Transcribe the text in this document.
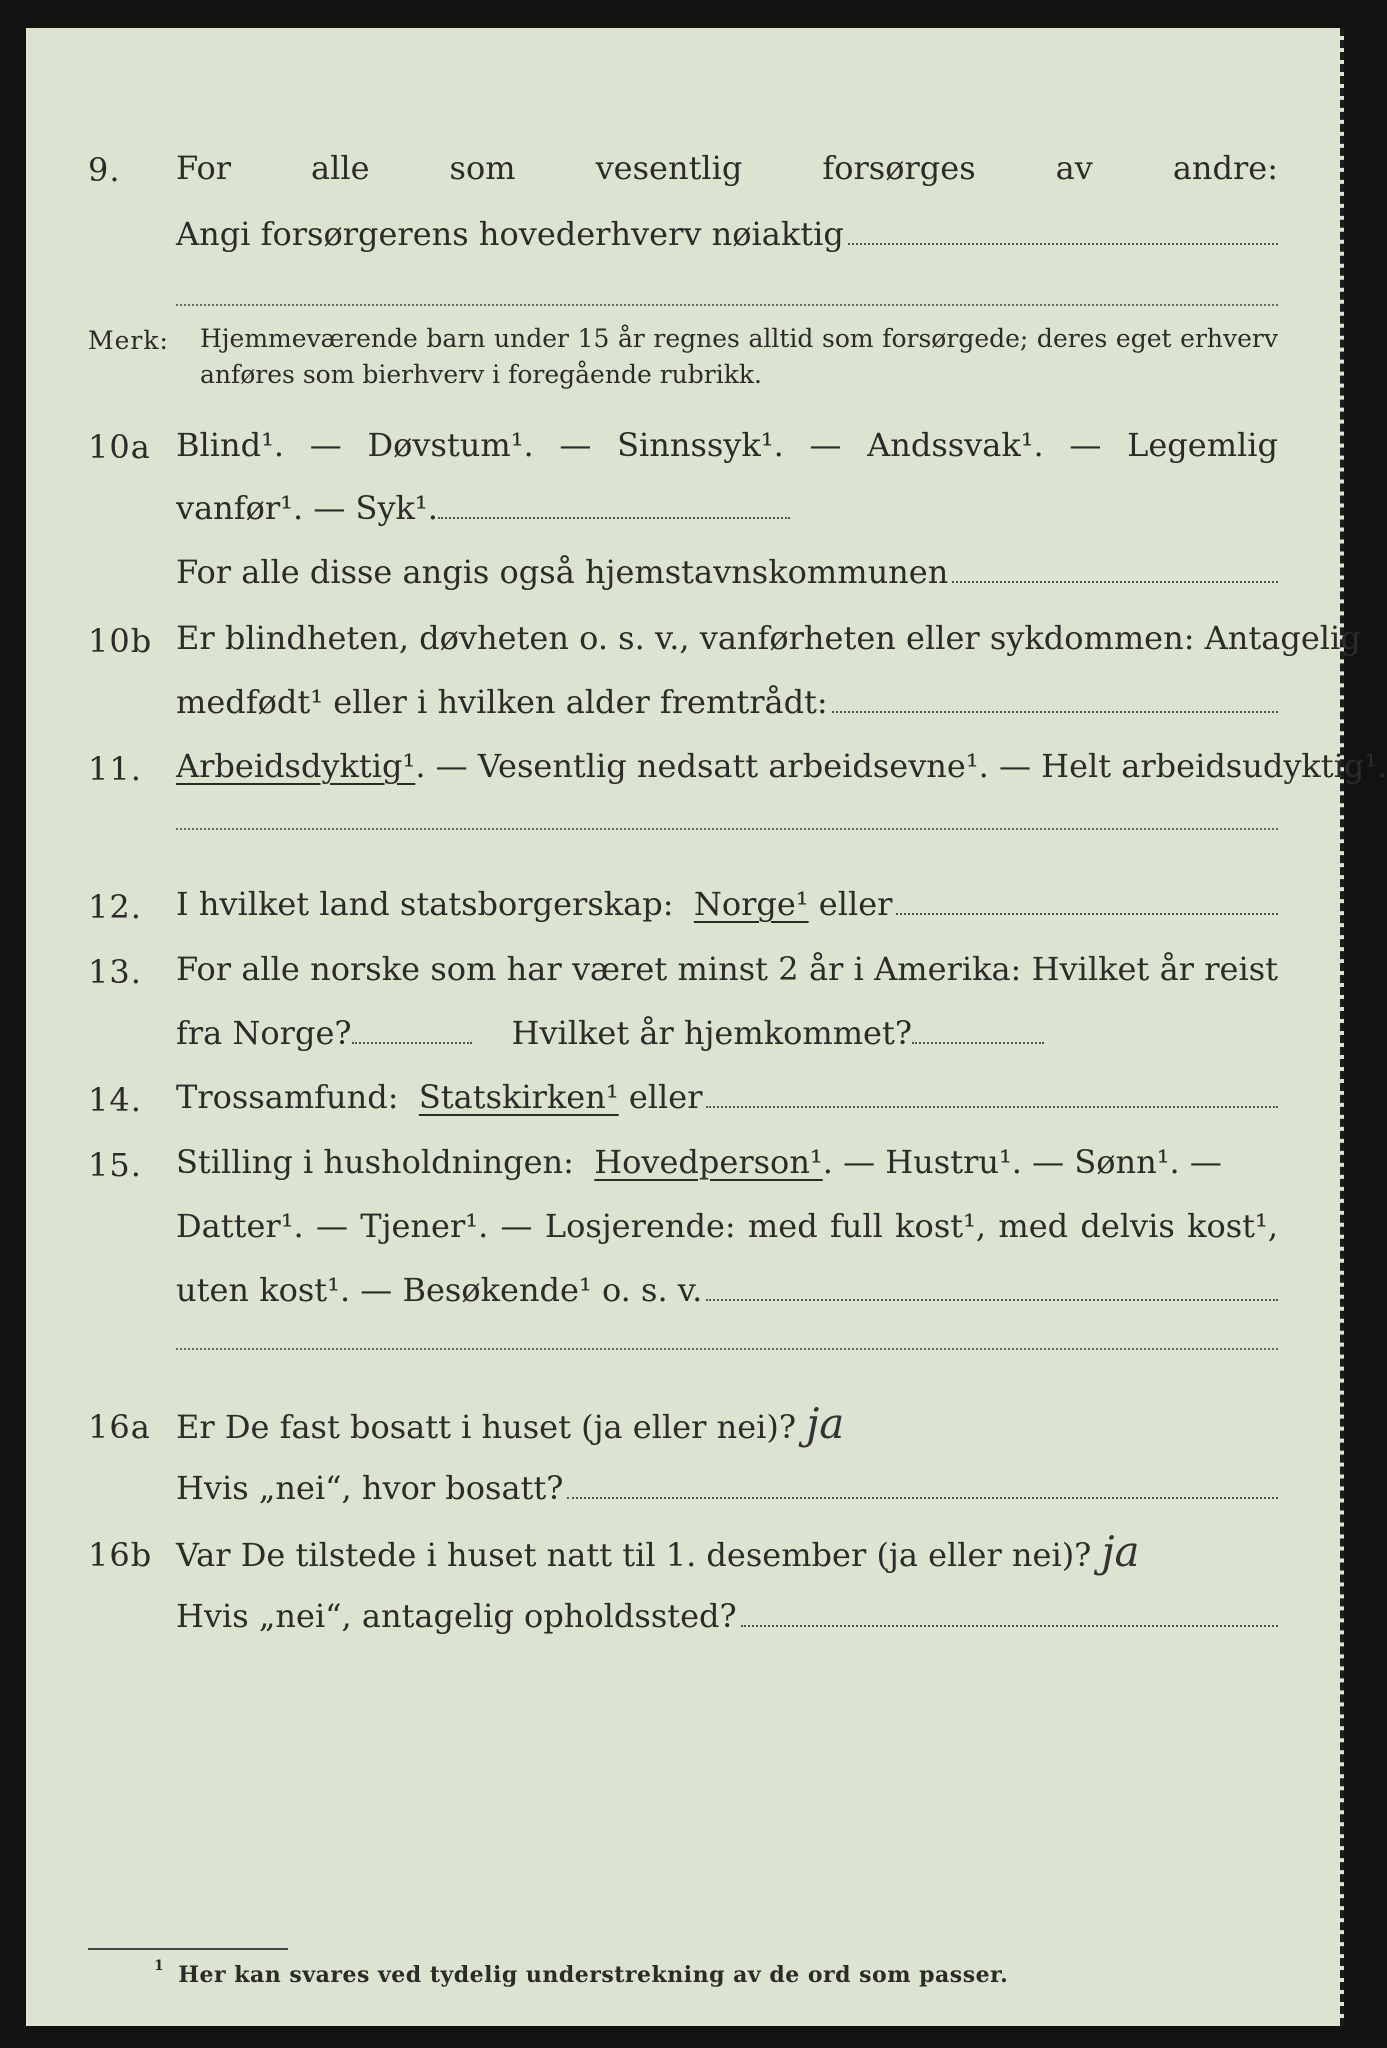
9.	For alle som vesentlig forsørges av andre:
Angi forsørgerens hovederhverv nøiaktig
Merk: Hjemmeværende barn under 15 år regnes alltid som forsørgede; deres eget erhverv
anføres som bierhverv i foregående rubrikk.
10a Blind¹. — Døvstum¹. — Sinnssyk¹. — Andssvak¹. — Legemlig
vanfør¹. — Syk¹.
For alle disse angis også hjemstavnskommunen
10b Er blindheten, døvheten o. s. v., vanførheten eller sykdommen: Antagelig
medfødt¹ eller i hvilken alder fremtrådt:
11.	Arbeidsdyktig¹. — Vesentlig nedsatt arbeidsevne¹. — Helt arbeidsudyktig¹.
12.	I hvilket land statsborgerskap:
Norge¹
eller
13.	For alle norske som har været minst 2 år i Amerika: Hvilket år reist
fra Norge?	Hvilket år hjemkommet?
14.	Trossamfund:
Statskirken¹
eller
15.	Stilling i husholdningen: Hovedperson¹. — Hustru¹. — Sønn¹. —
Datter¹. — Tjener¹. — Losjerende: med full kost¹, med delvis kost¹,
uten kost¹. — Besøkende¹ o. s. v.
16a Er De fast bosatt i huset (ja eller nei)? ja
Hvis „nei“, hvor bosatt?
16b Var De tilstede i huset natt til 1. desember (ja eller nei)? ja
Hvis „nei“, antagelig opholdssted?
$^1$ Her kan svares ved tydelig understrekning av de ord som passer.
